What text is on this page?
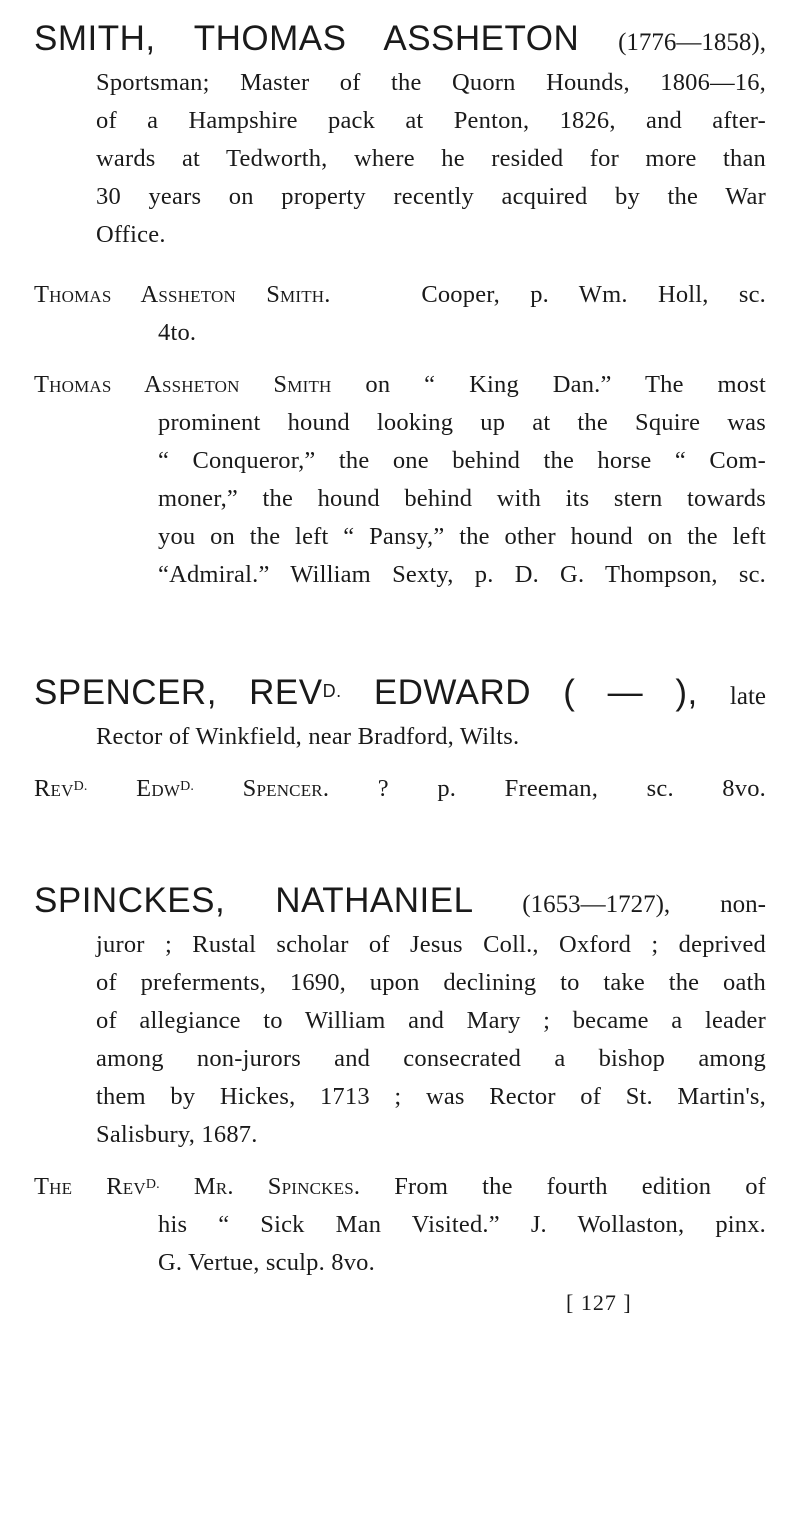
SMITH, THOMAS ASSHETON (1776—1858),
Sportsman; Master of the Quorn Hounds, 1806—16,
of a Hampshire pack at Penton, 1826, and after-
wards at Tedworth, where he resided for more than
30 years on property recently acquired by the War
Office.
Thomas Assheton Smith.	Cooper, p. Wm. Holl, sc.
4to.
Thomas Assheton Smith on “ King Dan.” The most
prominent hound looking up at the Squire was
“ Conqueror,” the one behind the horse “ Com-
moner,” the hound behind with its stern towards
you on the left “ Pansy,” the other hound on the left
“Admiral.” William Sexty, p. D. G. Thompson, sc.
SPENCER, $REV^{D.}$ EDWARD ( — ), late
Rector of Winkfield, near Bradford, Wilts.
Rev$^{D.}$ Edw$^{D.}$ Spencer. ? p. Freeman, sc. 8vo.
SPINCKES, NATHANIEL (1653—1727), non-
juror ; Rustal scholar of Jesus Coll., Oxford ; deprived
of preferments, 1690, upon declining to take the oath
of allegiance to William and Mary ; became a leader
among non-jurors and consecrated a bishop among
them by Hickes, 1713 ; was Rector of St. Martin's,
Salisbury, 1687.
The Rev$^{D.}$ Mr. Spinckes. From the fourth edition of
his “ Sick Man Visited.” J. Wollaston, pinx.
G. Vertue, sculp. 8vo.
[ 127 ]
